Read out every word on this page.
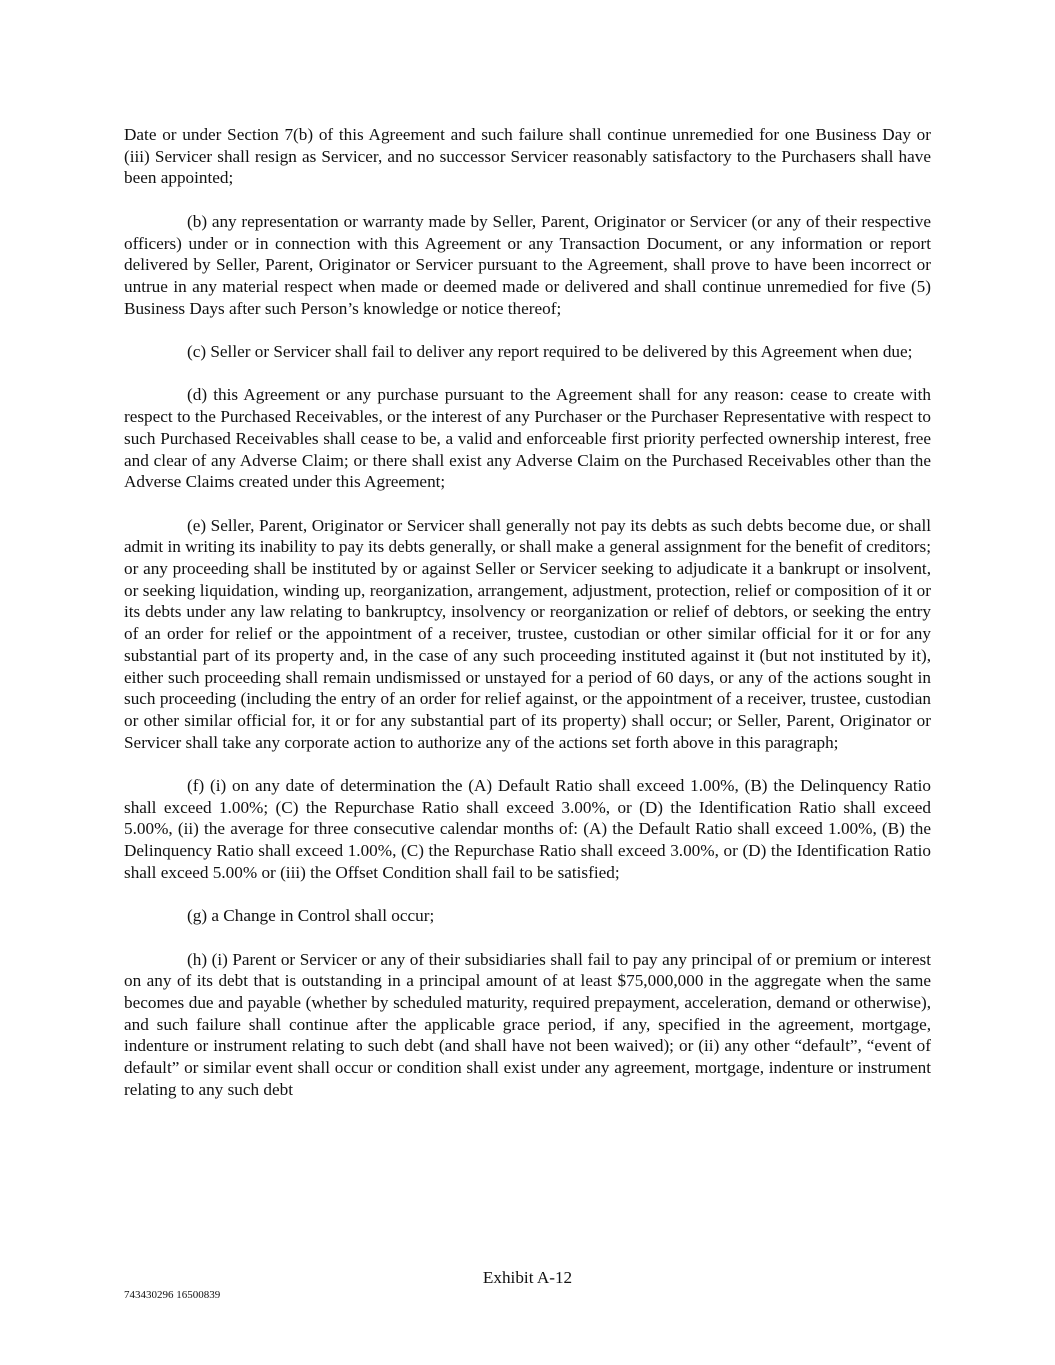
Date or under Section 7(b) of this Agreement and such failure shall continue unremedied for one Business Day or (iii) Servicer shall resign as Servicer, and no successor Servicer reasonably satisfactory to the Purchasers shall have been appointed;

(b) any representation or warranty made by Seller, Parent, Originator or Servicer (or any of their respective officers) under or in connection with this Agreement or any Transaction Document, or any information or report delivered by Seller, Parent, Originator or Servicer pursuant to the Agreement, shall prove to have been incorrect or untrue in any material respect when made or deemed made or delivered and shall continue unremedied for five (5) Business Days after such Person’s knowledge or notice thereof;

(c) Seller or Servicer shall fail to deliver any report required to be delivered by this Agreement when due;

(d) this Agreement or any purchase pursuant to the Agreement shall for any reason: cease to create with respect to the Purchased Receivables, or the interest of any Purchaser or the Purchaser Representative with respect to such Purchased Receivables shall cease to be, a valid and enforceable first priority perfected ownership interest, free and clear of any Adverse Claim; or there shall exist any Adverse Claim on the Purchased Receivables other than the Adverse Claims created under this Agreement;

(e) Seller, Parent, Originator or Servicer shall generally not pay its debts as such debts become due, or shall admit in writing its inability to pay its debts generally, or shall make a general assignment for the benefit of creditors; or any proceeding shall be instituted by or against Seller or Servicer seeking to adjudicate it a bankrupt or insolvent, or seeking liquidation, winding up, reorganization, arrangement, adjustment, protection, relief or composition of it or its debts under any law relating to bankruptcy, insolvency or reorganization or relief of debtors, or seeking the entry of an order for relief or the appointment of a receiver, trustee, custodian or other similar official for it or for any substantial part of its property and, in the case of any such proceeding instituted against it (but not instituted by it), either such proceeding shall remain undismissed or unstayed for a period of 60 days, or any of the actions sought in such proceeding (including the entry of an order for relief against, or the appointment of a receiver, trustee, custodian or other similar official for, it or for any substantial part of its property) shall occur; or Seller, Parent, Originator or Servicer shall take any corporate action to authorize any of the actions set forth above in this paragraph;

(f) (i) on any date of determination the (A) Default Ratio shall exceed 1.00%, (B) the Delinquency Ratio shall exceed 1.00%; (C) the Repurchase Ratio shall exceed 3.00%, or (D) the Identification Ratio shall exceed 5.00%, (ii) the average for three consecutive calendar months of: (A) the Default Ratio shall exceed 1.00%, (B) the Delinquency Ratio shall exceed 1.00%, (C) the Repurchase Ratio shall exceed 3.00%, or (D) the Identification Ratio shall exceed 5.00% or (iii) the Offset Condition shall fail to be satisfied;

(g) a Change in Control shall occur;

(h) (i) Parent or Servicer or any of their subsidiaries shall fail to pay any principal of or premium or interest on any of its debt that is outstanding in a principal amount of at least $75,000,000 in the aggregate when the same becomes due and payable (whether by scheduled maturity, required prepayment, acceleration, demand or otherwise), and such failure shall continue after the applicable grace period, if any, specified in the agreement, mortgage, indenture or instrument relating to such debt (and shall have not been waived); or (ii) any other “default”, “event of default” or similar event shall occur or condition shall exist under any agreement, mortgage, indenture or instrument relating to any such debt

Exhibit A-12
743430296 16500839
